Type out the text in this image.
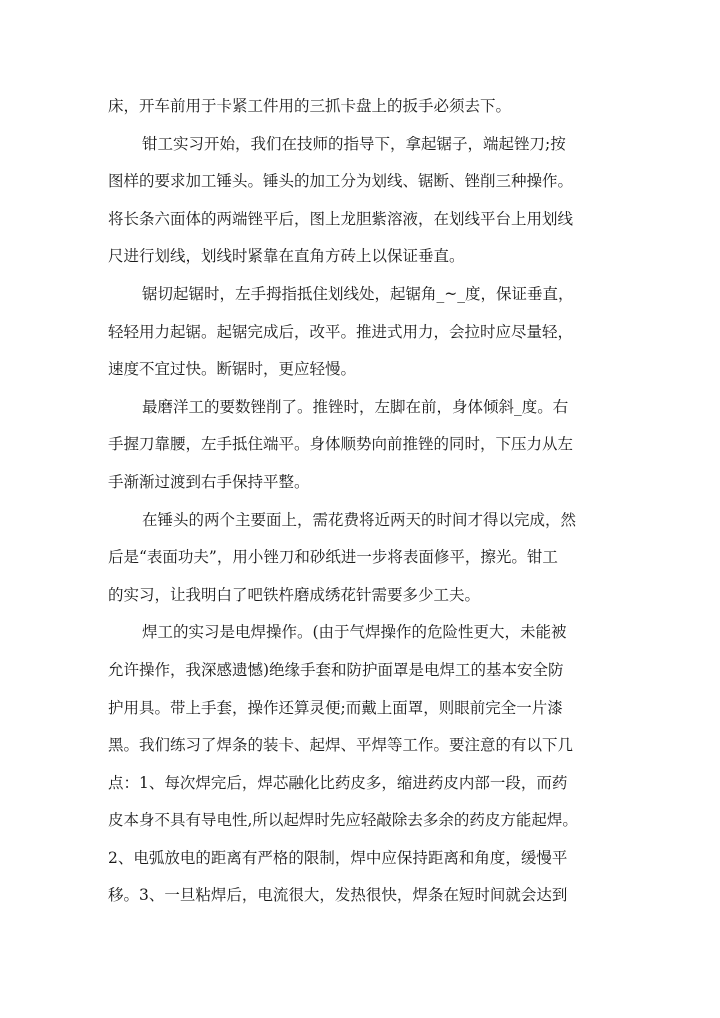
床，开车前用于卡紧工件用的三抓卡盘上的扳手必须去下。
钳工实习开始，我们在技师的指导下，拿起锯子，端起锉刀;按
图样的要求加工锤头。锤头的加工分为划线、锯断、锉削三种操作。
将长条六面体的两端锉平后，图上龙胆紫溶液，在划线平台上用划线
尺进行划线，划线时紧靠在直角方砖上以保证垂直。
锯切起锯时，左手拇指抵住划线处，起锯角_~_度，保证垂直，
轻轻用力起锯。起锯完成后，改平。推进式用力，会拉时应尽量轻，
速度不宜过快。断锯时，更应轻慢。
最磨洋工的要数锉削了。推锉时，左脚在前，身体倾斜_度。右
手握刀靠腰，左手抵住端平。身体顺势向前推锉的同时，下压力从左
手渐渐过渡到右手保持平整。
在锤头的两个主要面上，需花费将近两天的时间才得以完成，然
后是“表面功夫”，用小锉刀和砂纸进一步将表面修平，擦光。钳工
的实习，让我明白了吧铁杵磨成绣花针需要多少工夫。
焊工的实习是电焊操作。(由于气焊操作的危险性更大，未能被
允许操作，我深感遗憾)绝缘手套和防护面罩是电焊工的基本安全防
护用具。带上手套，操作还算灵便;而戴上面罩，则眼前完全一片漆
黑。我们练习了焊条的装卡、起焊、平焊等工作。要注意的有以下几
点：1、每次焊完后，焊芯融化比药皮多，缩进药皮内部一段，而药
皮本身不具有导电性,所以起焊时先应轻敲除去多余的药皮方能起焊。
2、电弧放电的距离有严格的限制，焊中应保持距离和角度，缓慢平
移。3、一旦粘焊后，电流很大，发热很快，焊条在短时间就会达到
